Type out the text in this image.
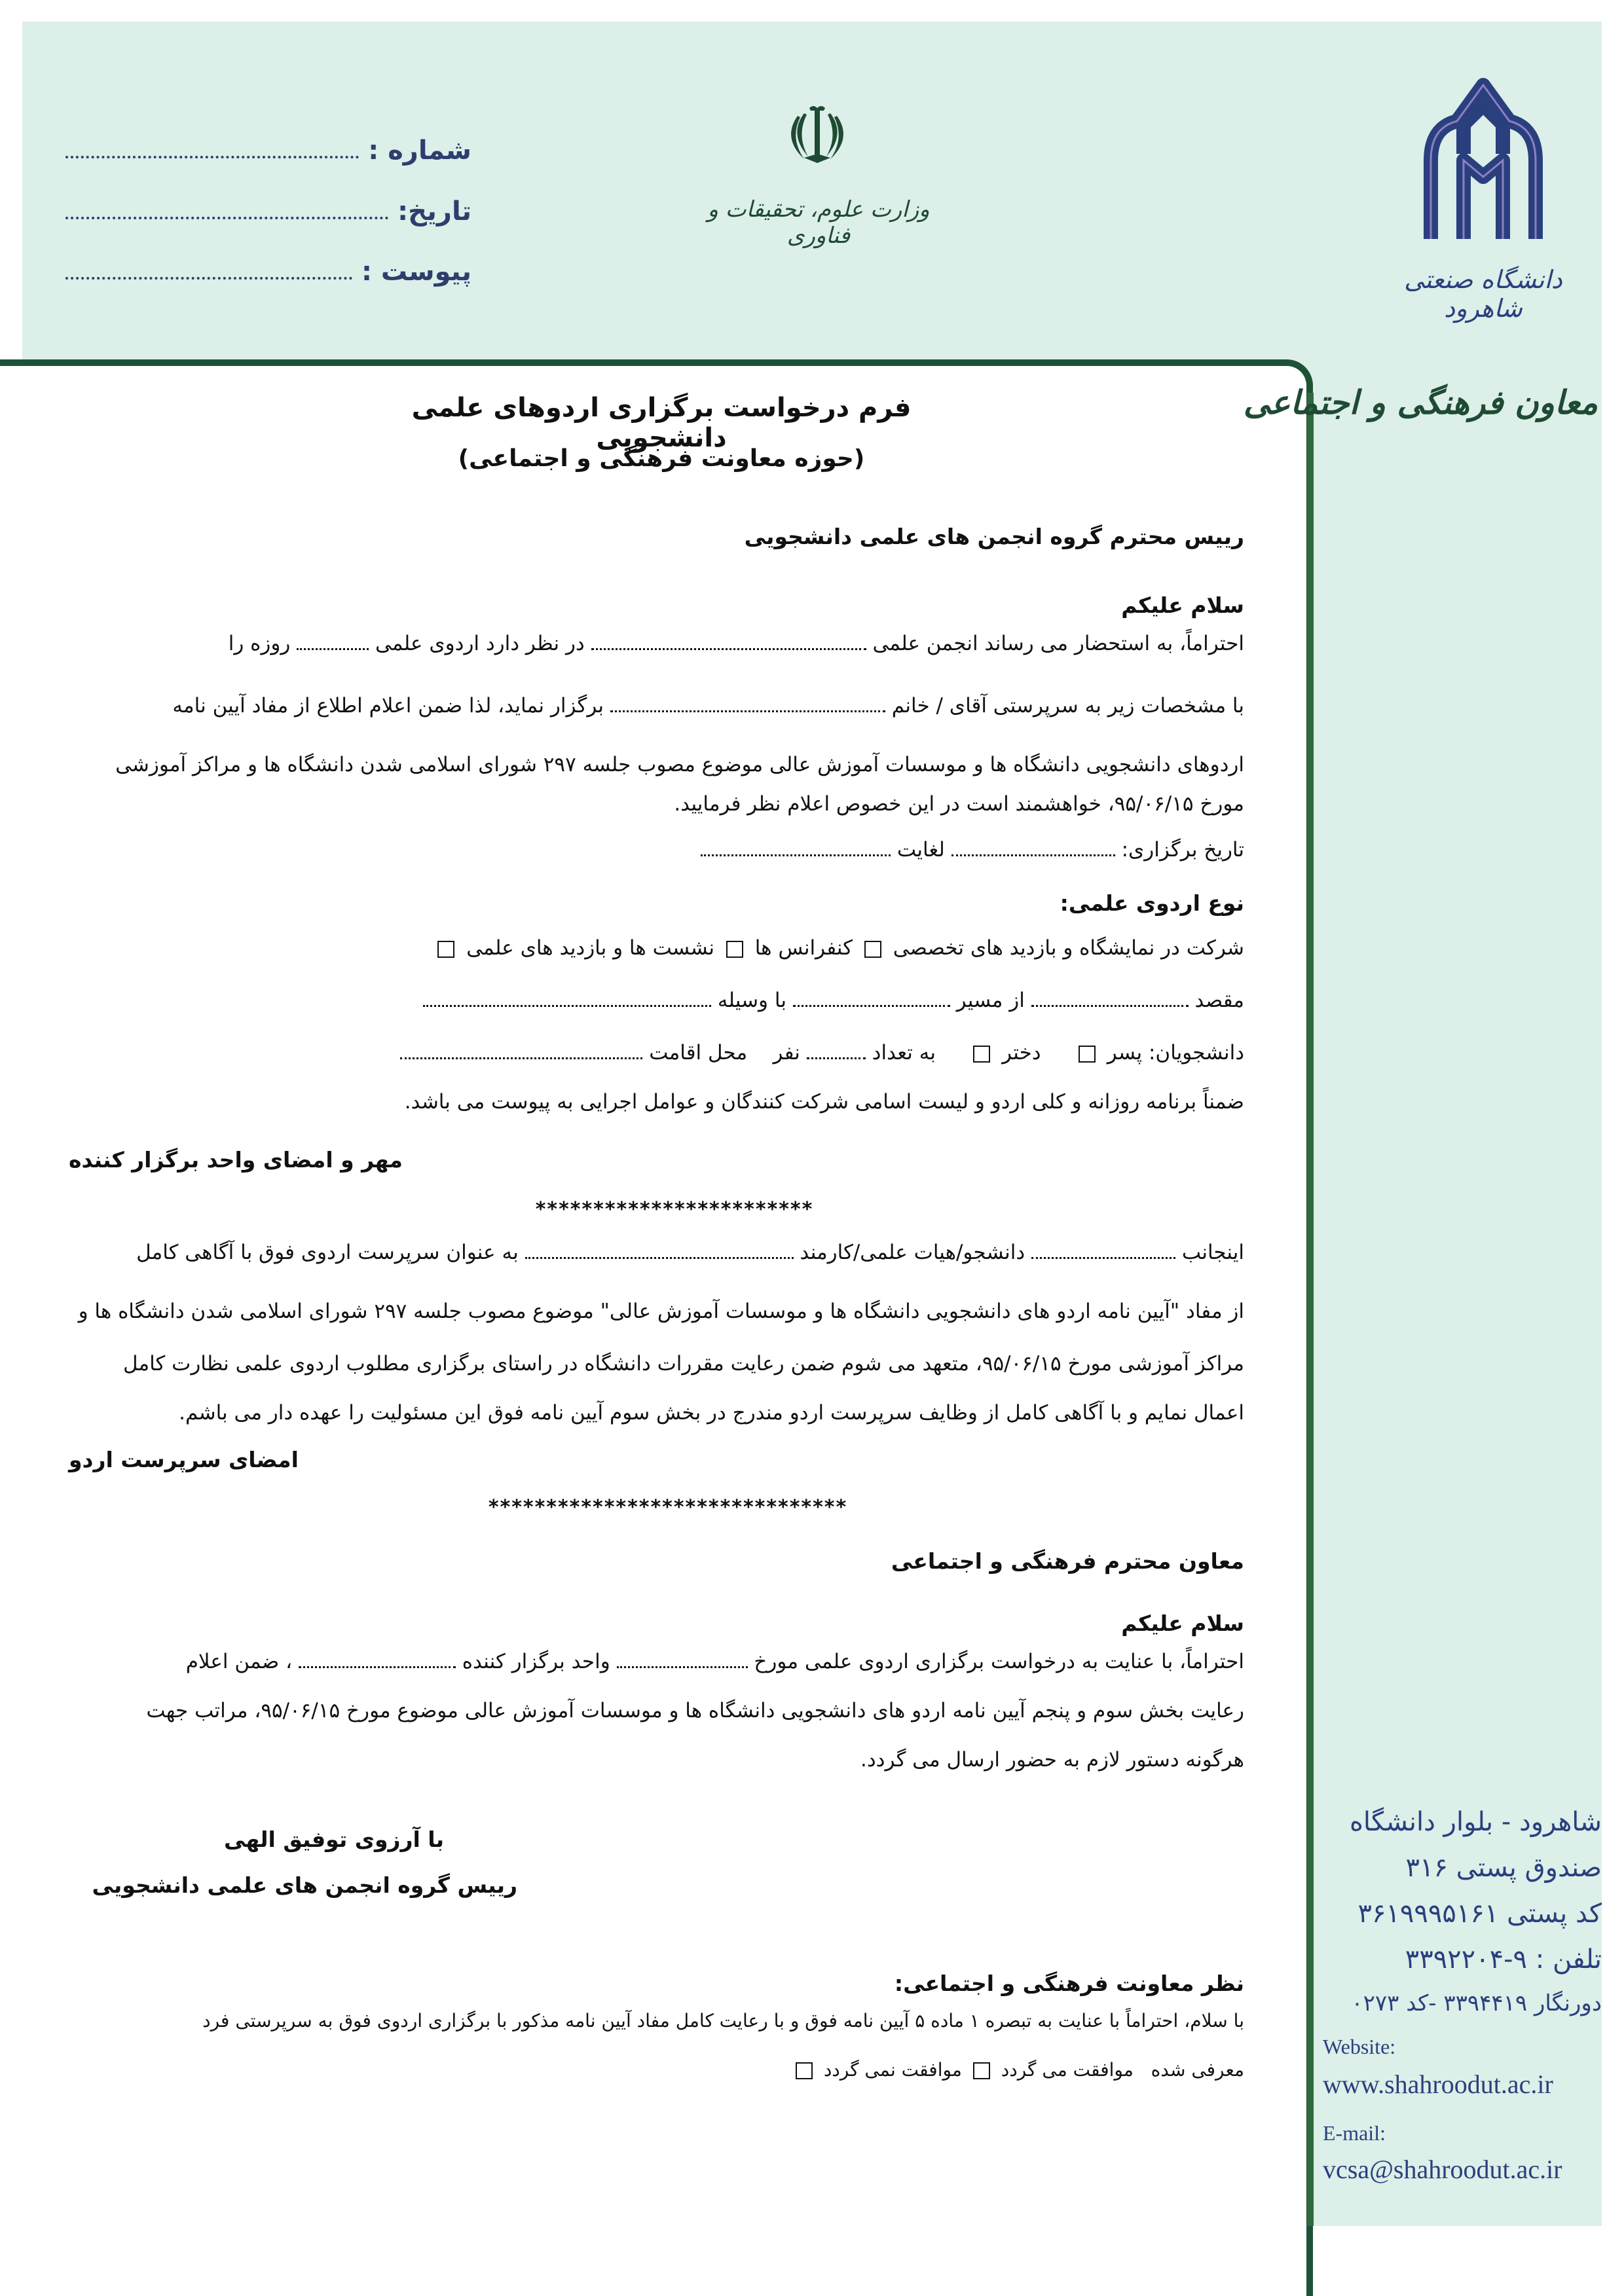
شماره :
تاریخ:
پیوست :
وزارت علوم، تحقیقات و فناوری
دانشگاه صنعتی شاهرود
معاون فرهنگی و اجتماعی
فرم درخواست برگزاری اردوهای علمی دانشجویی
(حوزه معاونت فرهنگی و اجتماعی)
رییس محترم گروه انجمن های علمی دانشجویی
سلام علیکم
احتراماً، به استحضار می رساند انجمن علمی  در نظر دارد اردوی علمی  روزه را
با مشخصات زیر به سرپرستی آقای / خانم  برگزار نماید، لذا ضمن اعلام اطلاع از مفاد آیین نامه
اردوهای دانشجویی دانشگاه ها و موسسات آموزش عالی موضوع مصوب جلسه ۲۹۷ شورای اسلامی شدن دانشگاه ها و مراکز آموزشی
مورخ ۹۵/۰۶/۱۵، خواهشمند است در این خصوص اعلام نظر فرمایید.
تاریخ برگزاری:  لغایت
نوع اردوی علمی:
شرکت در نمایشگاه و بازدید های تخصصی  کنفرانس ها  نشست ها و بازدید های علمی
مقصد  از مسیر  با وسیله
دانشجویان: پسر      دختر      به تعداد  نفر    محل اقامت
ضمناً برنامه روزانه و کلی اردو و لیست اسامی شرکت کنندگان و عوامل اجرایی به پیوست می باشد.
مهر و امضای واحد برگزار کننده
************************
اینجانب  دانشجو/هیات علمی/کارمند  به عنوان سرپرست اردوی فوق با آگاهی کامل
از مفاد "آیین نامه اردو های دانشجویی دانشگاه ها و موسسات آموزش عالی" موضوع مصوب جلسه ۲۹۷ شورای اسلامی شدن دانشگاه ها و
مراکز آموزشی مورخ ۹۵/۰۶/۱۵، متعهد می شوم ضمن رعایت مقررات دانشگاه در راستای برگزاری مطلوب اردوی علمی نظارت کامل
اعمال نمایم و با آگاهی کامل از وظایف سرپرست اردو مندرج در بخش سوم آیین نامه فوق این مسئولیت را عهده دار می باشم.
امضای سرپرست اردو
*******************************
معاون محترم فرهنگی و اجتماعی
سلام علیکم
احتراماً، با عنایت به درخواست برگزاری اردوی علمی مورخ  واحد برگزار کننده  ، ضمن اعلام
رعایت بخش سوم و پنجم آیین نامه اردو های دانشجویی دانشگاه ها و موسسات آموزش عالی موضوع مورخ ۹۵/۰۶/۱۵، مراتب جهت
هرگونه دستور لازم به حضور ارسال می گردد.
با آرزوی توفیق الهی
رییس گروه انجمن های علمی دانشجویی
نظر معاونت فرهنگی و اجتماعی:
با سلام، احتراماً با عنایت به تبصره ۱ ماده ۵ آیین نامه فوق و با رعایت کامل مفاد آیین نامه مذکور با برگزاری اردوی فوق به سرپرستی فرد
معرفی شده   موافقت می گردد  موافقت نمی گردد
شاهرود - بلوار دانشگاه
صندوق پستی ۳۱۶
کد پستی ۳۶۱۹۹۹۵۱۶۱
تلفن : ۹-۳۳۹۲۲۰۴
دورنگار ۳۳۹۴۴۱۹ -کد ۰۲۷۳
Website:
www.shahroodut.ac.ir
E-mail:
vcsa@shahroodut.ac.ir
